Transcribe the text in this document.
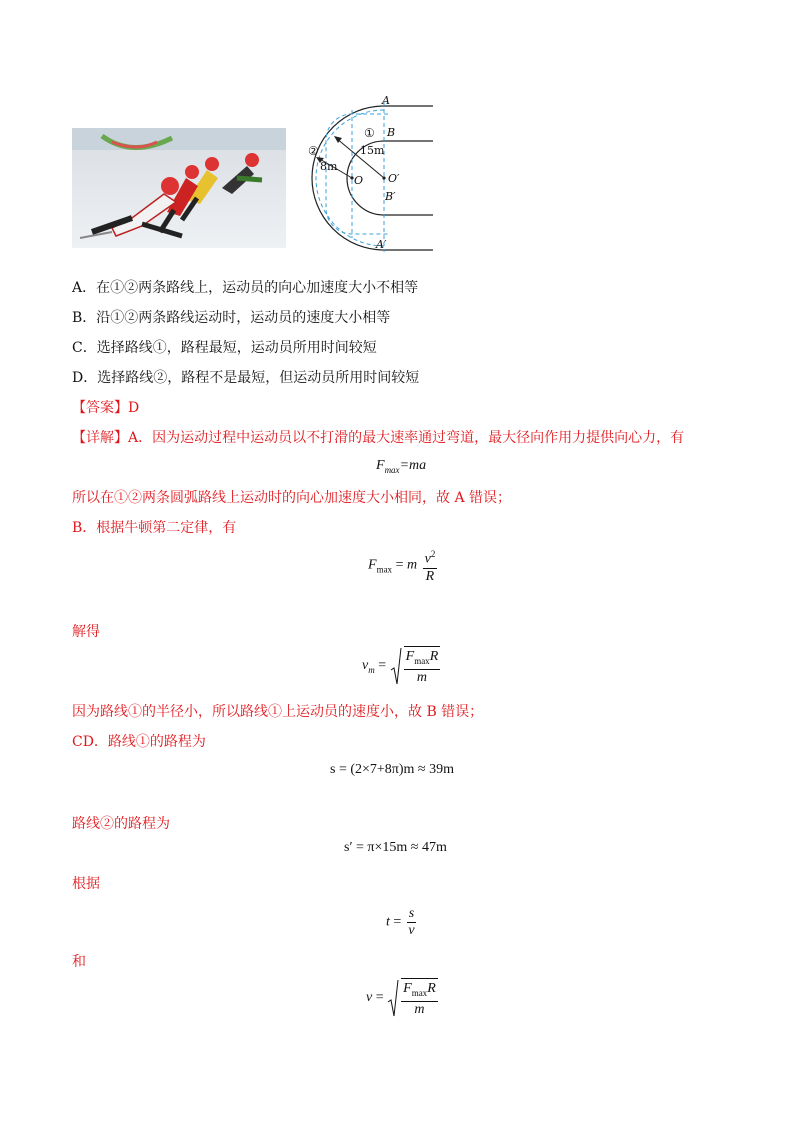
A
① B
15m
②
8m
O O′
B′
A′
A．在①②两条路线上，运动员的向心加速度大小不相等
B．沿①②两条路线运动时，运动员的速度大小相等
C．选择路线①，路程最短，运动员所用时间较短
D．选择路线②，路程不是最短，但运动员所用时间较短
【答案】D
【详解】A．因为运动过程中运动员以不打滑的最大速率通过弯道，最大径向作用力提供向心力，有
$F_{max}=ma$
所以在①②两条圆弧路线上运动时的向心加速度大小相同，故 A 错误；
B．根据牛顿第二定律，有
$F_{max} = m \frac{v^2}{R}$
解得
$v_m = \frac{F_{max}R}{m}$
因为路线①的半径小，所以路线①上运动员的速度小，故 B 错误；
CD．路线①的路程为
s = (2×7+8π)m ≈ 39m
路线②的路程为
s′ = π×15m ≈ 47m
根据
$t = \frac{s}{v}$
和
$v = \frac{F_{max}R}{m}$
